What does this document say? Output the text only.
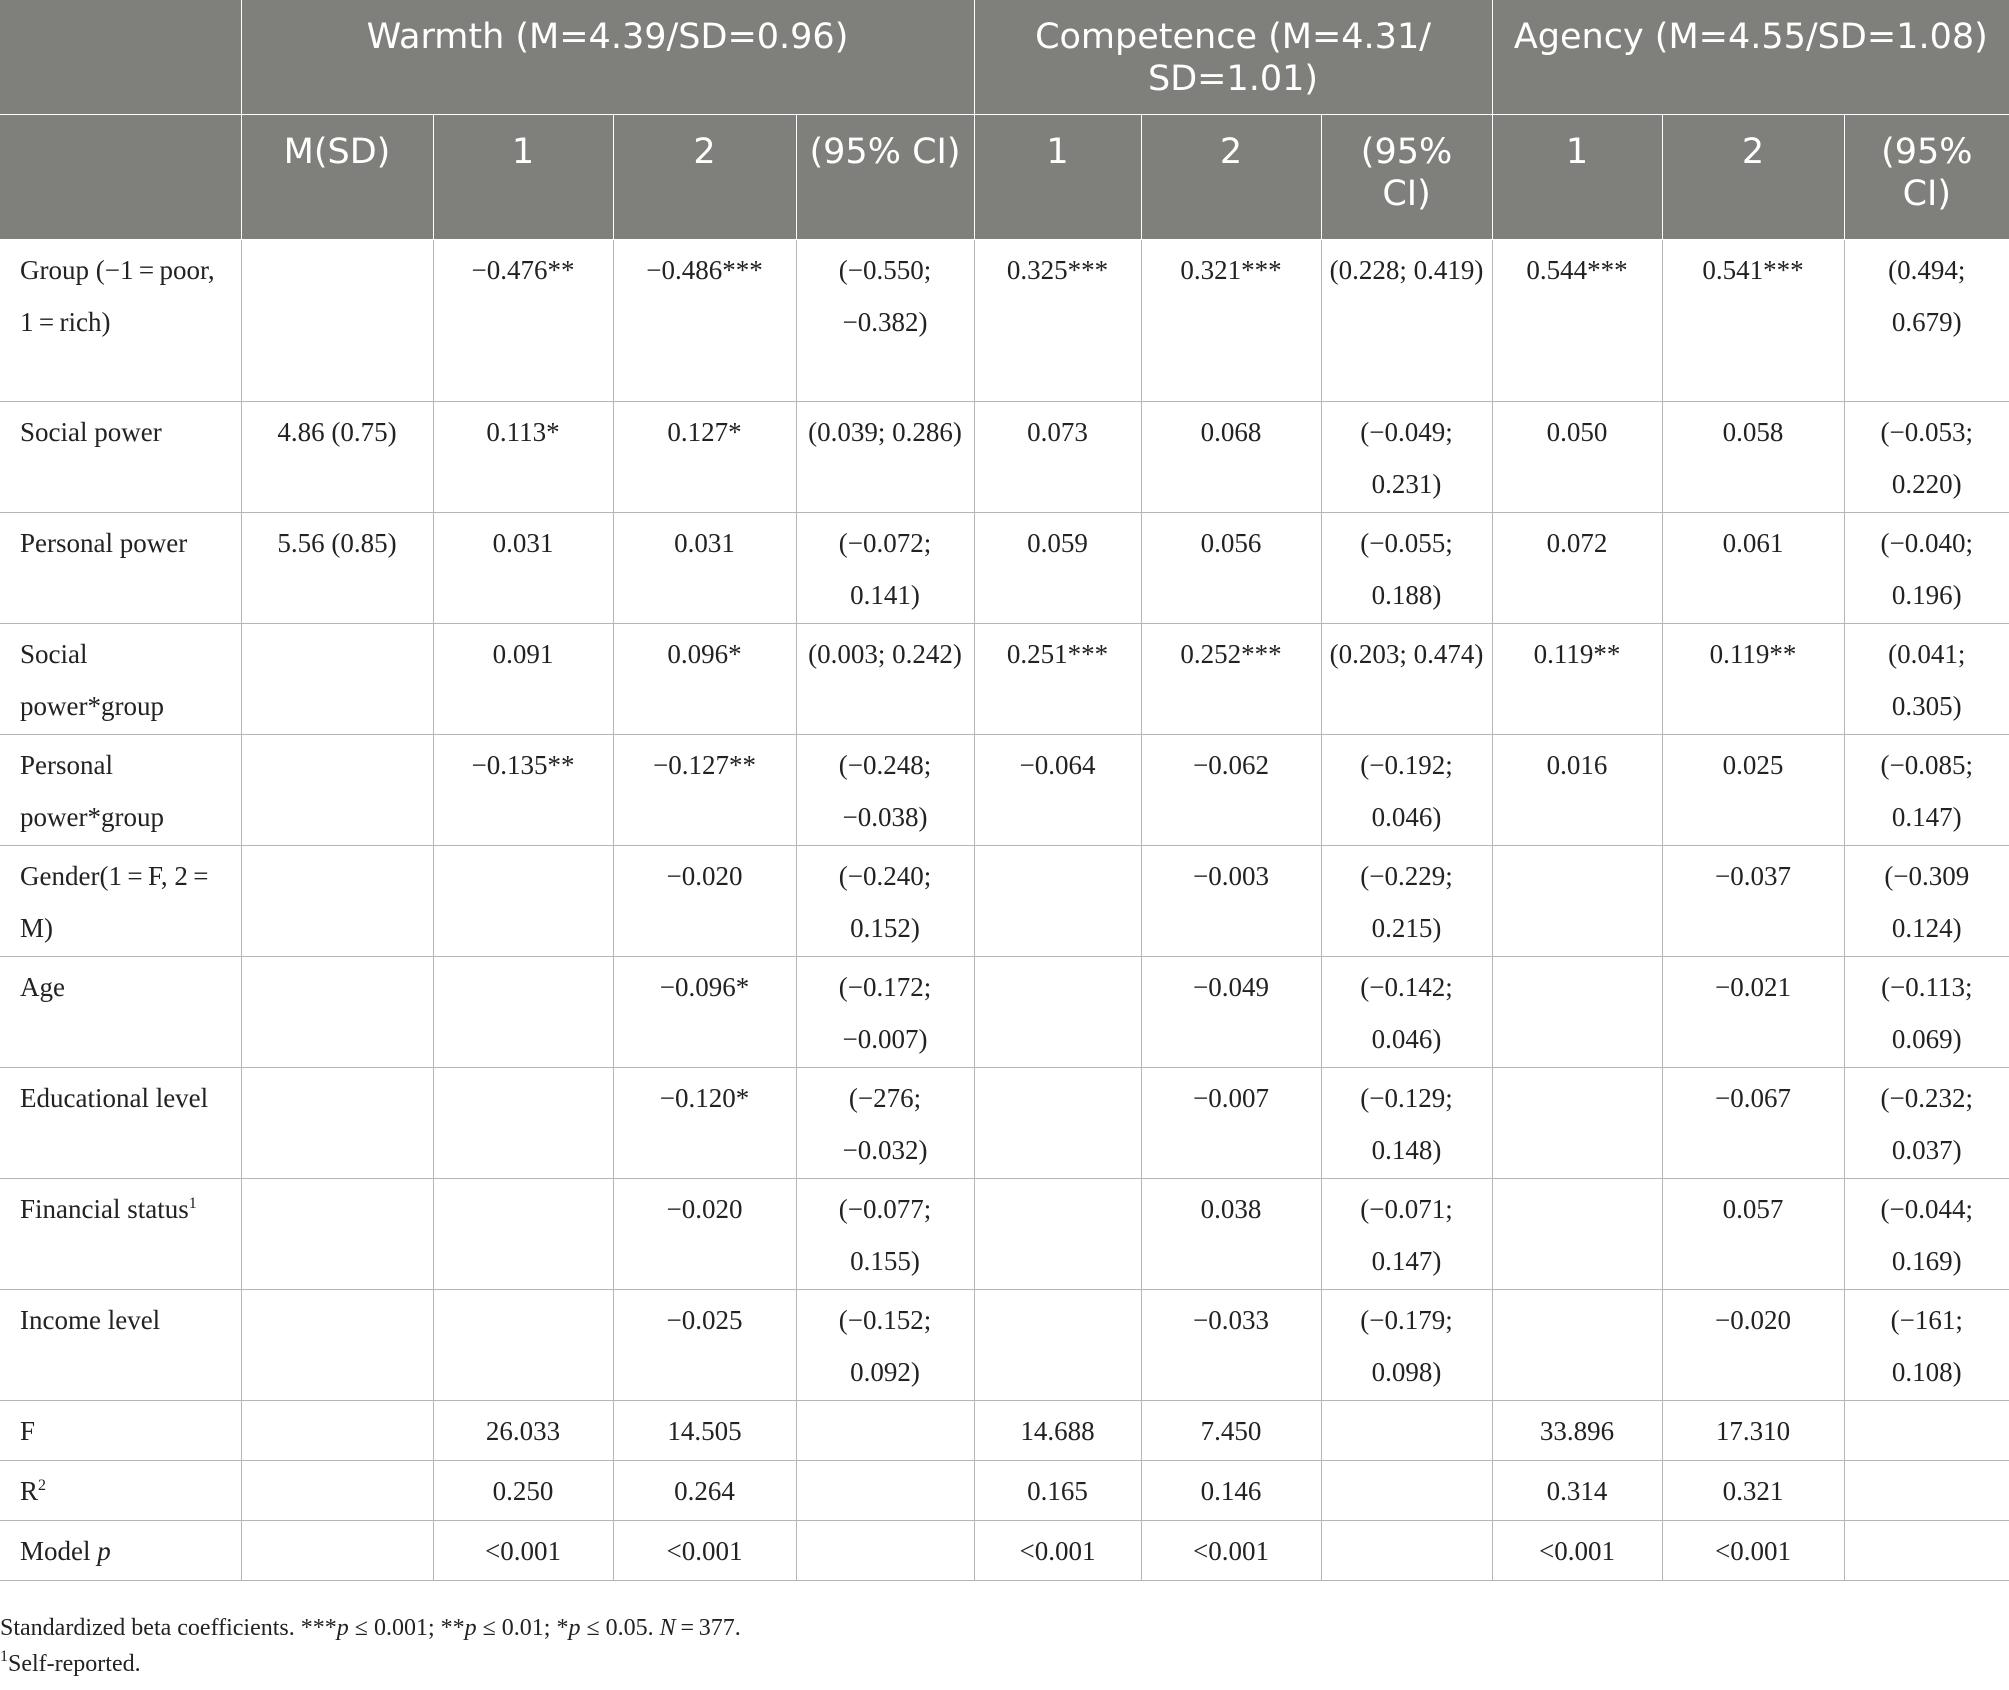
	Warmth (M=4.39/SD=0.96)				Competence (M=4.31/ SD=1.01)			Agency (M=4.55/SD=1.08)		
	M(SD)	1	2	(95% CI)	1	2	(95% CI)	1	2	(95% CI)
Group (−1 = poor, 1 = rich)		−0.476**	−0.486***	(−0.550; −0.382)	0.325***	0.321***	(0.228; 0.419)	0.544***	0.541***	(0.494; 0.679)
Social power	4.86 (0.75)	0.113*	0.127*	(0.039; 0.286)	0.073	0.068	(−0.049; 0.231)	0.050	0.058	(−0.053; 0.220)
Personal power	5.56 (0.85)	0.031	0.031	(−0.072; 0.141)	0.059	0.056	(−0.055; 0.188)	0.072	0.061	(−0.040; 0.196)
Social power*group		0.091	0.096*	(0.003; 0.242)	0.251***	0.252***	(0.203; 0.474)	0.119**	0.119**	(0.041; 0.305)
Personal power*group		−0.135**	−0.127**	(−0.248; −0.038)	−0.064	−0.062	(−0.192; 0.046)	0.016	0.025	(−0.085; 0.147)
Gender(1 = F, 2 = M)			−0.020	(−0.240; 0.152)		−0.003	(−0.229; 0.215)		−0.037	(−0.309 0.124)
Age			−0.096*	(−0.172; −0.007)		−0.049	(−0.142; 0.046)		−0.021	(−0.113; 0.069)
Educational level			−0.120*	(−276; −0.032)		−0.007	(−0.129; 0.148)		−0.067	(−0.232; 0.037)
Financial status$^1$			−0.020	(−0.077; 0.155)		0.038	(−0.071; 0.147)		0.057	(−0.044; 0.169)
Income level			−0.025	(−0.152; 0.092)		−0.033	(−0.179; 0.098)		−0.020	(−161; 0.108)
F		26.033	14.505		14.688	7.450		33.896	17.310	
$R^2$		0.250	0.264		0.165	0.146		0.314	0.321	
Model p		<0.001	<0.001		<0.001	<0.001		<0.001	<0.001	

Standardized beta coefficients. ***p ≤ 0.001; **p ≤ 0.01; *p ≤ 0.05. N = 377.

$^1$Self-reported.
